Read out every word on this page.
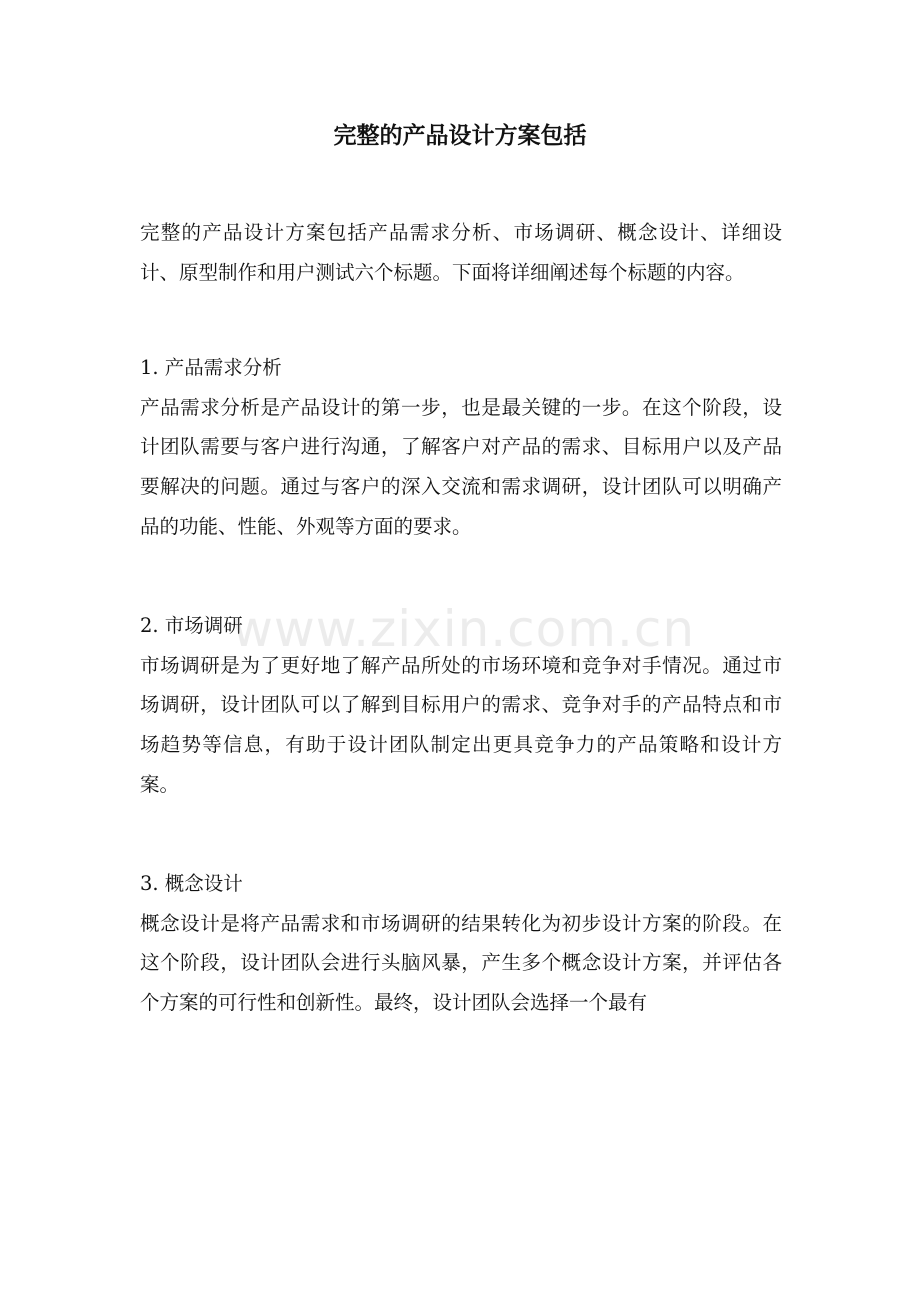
完整的产品设计方案包括

完整的产品设计方案包括产品需求分析、市场调研、概念设计、详细设计、原型制作和用户测试六个标题。下面将详细阐述每个标题的内容。

1. 产品需求分析

产品需求分析是产品设计的第一步，也是最关键的一步。在这个阶段，设计团队需要与客户进行沟通，了解客户对产品的需求、目标用户以及产品要解决的问题。通过与客户的深入交流和需求调研，设计团队可以明确产品的功能、性能、外观等方面的要求。

2. 市场调研

市场调研是为了更好地了解产品所处的市场环境和竞争对手情况。通过市场调研，设计团队可以了解到目标用户的需求、竞争对手的产品特点和市场趋势等信息，有助于设计团队制定出更具竞争力的产品策略和设计方案。

3. 概念设计

概念设计是将产品需求和市场调研的结果转化为初步设计方案的阶段。在这个阶段，设计团队会进行头脑风暴，产生多个概念设计方案，并评估各个方案的可行性和创新性。最终，设计团队会选择一个最有

www.zixin.com.cn
